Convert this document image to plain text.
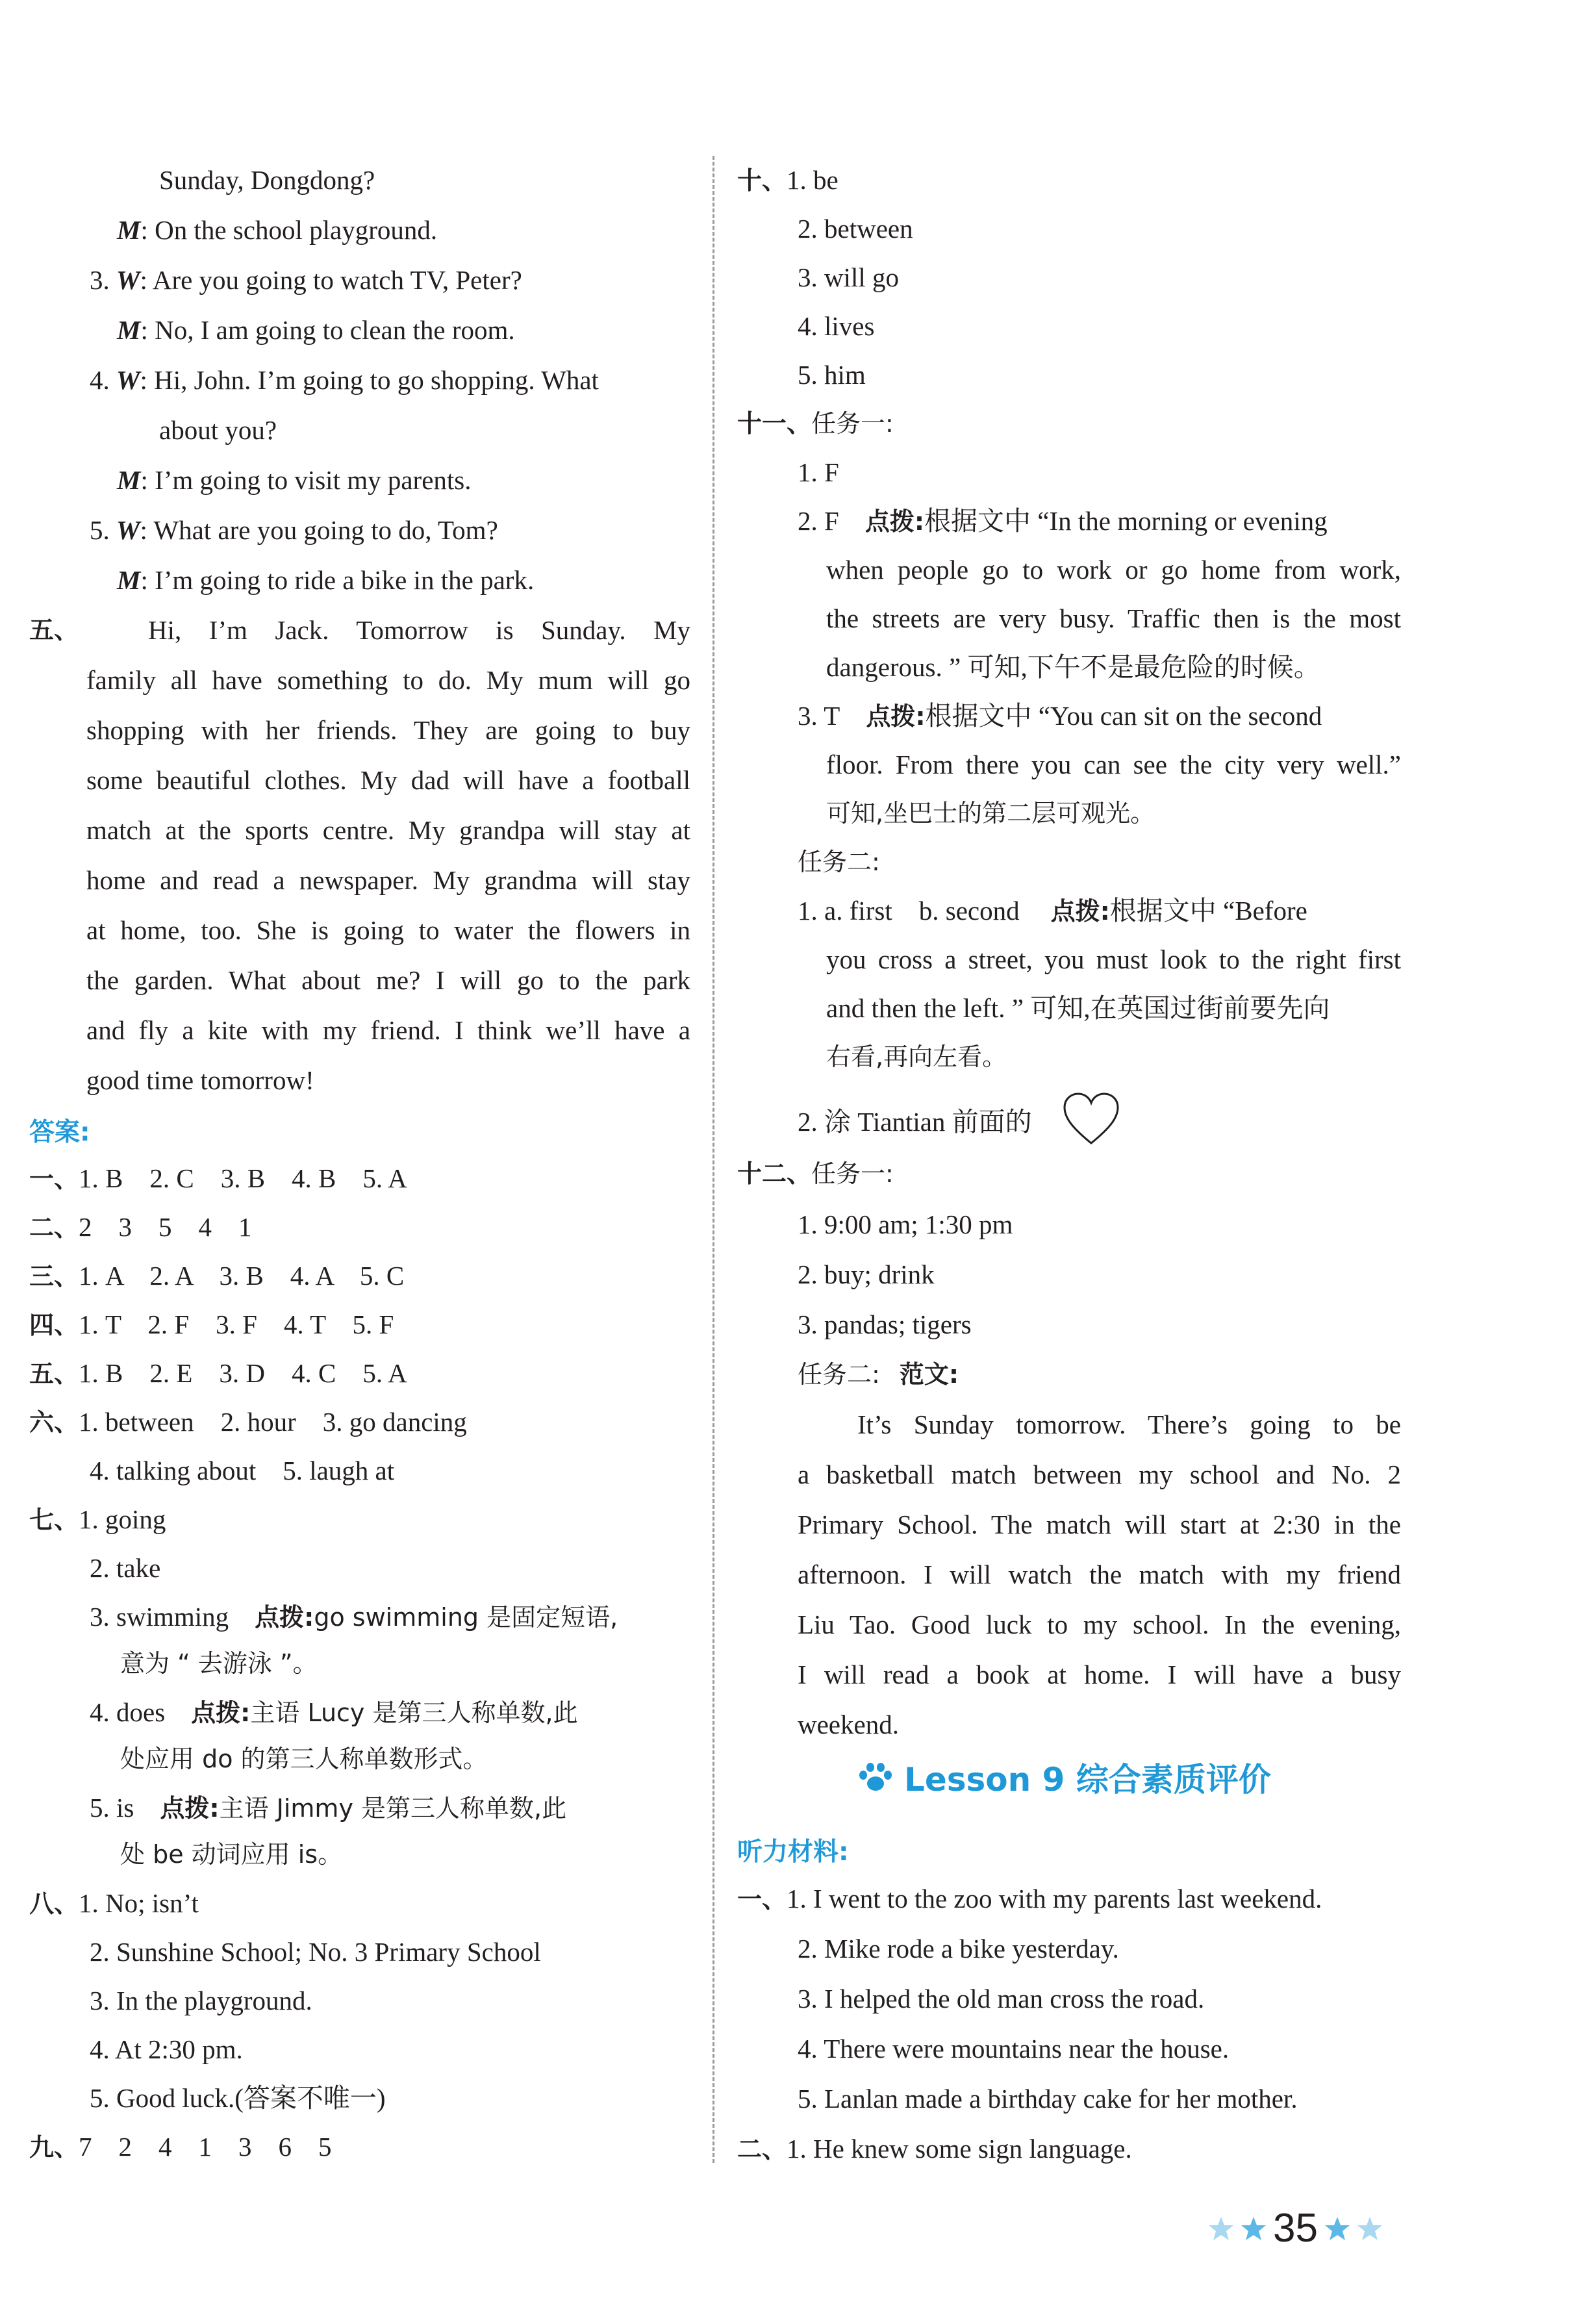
Sunday, Dongdong?
M: On the school playground.
3. W: Are you going to watch TV, Peter?
M: No, I am going to clean the room.
4. W: Hi, John. I’m going to go shopping. What
about you?
M: I’m going to visit my parents.
5. W: What are you going to do, Tom?
M: I’m going to ride a bike in the park.
五、	Hi, I’m Jack. Tomorrow is Sunday. My
family all have something to do. My mum will go
shopping with her friends. They are going to buy
some beautiful clothes. My dad will have a football
match at the sports centre. My grandpa will stay at
home and read a newspaper. My grandma will stay
at home, too. She is going to water the flowers in
the garden. What about me? I will go to the park
and fly a kite with my friend. I think we’ll have a
good time tomorrow!
答案:
一、1. B    2. C    3. B    4. B    5. A
二、2    3    5    4    1
三、1. A    2. A    3. B    4. A    5. C
四、1. T    2. F    3. F    4. T    5. F
五、1. B    2. E    3. D    4. C    5. A
六、1. between    2. hour    3. go dancing
4. talking about    5. laugh at
七、1. going
2. take
3. swimming 点拨:go swimming 是固定短语,
意为 “ 去游泳 ”。
4. does 点拨:主语 Lucy 是第三人称单数,此
处应用 do 的第三人称单数形式。
5. is 点拨:主语 Jimmy 是第三人称单数,此
处 be 动词应用 is。
八、1. No; isn’t
2. Sunshine School; No. 3 Primary School
3. In the playground.
4. At 2:30 pm.
5. Good luck.(答案不唯一)
九、7    2    4    1    3    6    5
十、1. be
2. between
3. will go
4. lives
5. him
十一、任务一:
1. F
2. F 点拨:根据文中 “In the morning or evening
when people go to work or go home from work,
the streets are very busy. Traffic then is the most
dangerous. ” 可知,下午不是最危险的时候。
3. T 点拨:根据文中 “You can sit on the second
floor. From there you can see the city very well.”
可知,坐巴士的第二层可观光。
任务二:
1. a. first    b. second 点拨:根据文中 “Before
you cross a street, you must look to the right first
and then the left. ” 可知,在英国过街前要先向
右看,再向左看。
2. 涂 Tiantian 前面的
十二、任务一:
1. 9:00 am; 1:30 pm
2. buy; drink
3. pandas; tigers
任务二: 范文:
It’s Sunday tomorrow. There’s going to be
a basketball match between my school and No. 2
Primary School. The match will start at 2:30 in the
afternoon. I will watch the match with my friend
Liu Tao. Good luck to my school. In the evening,
I will read a book at home. I will have a busy
weekend.
Lesson 9 综合素质评价
听力材料:
一、1. I went to the zoo with my parents last weekend.
2. Mike rode a bike yesterday.
3. I helped the old man cross the road.
4. There were mountains near the house.
5. Lanlan made a birthday cake for her mother.
二、1. He knew some sign language.
35
